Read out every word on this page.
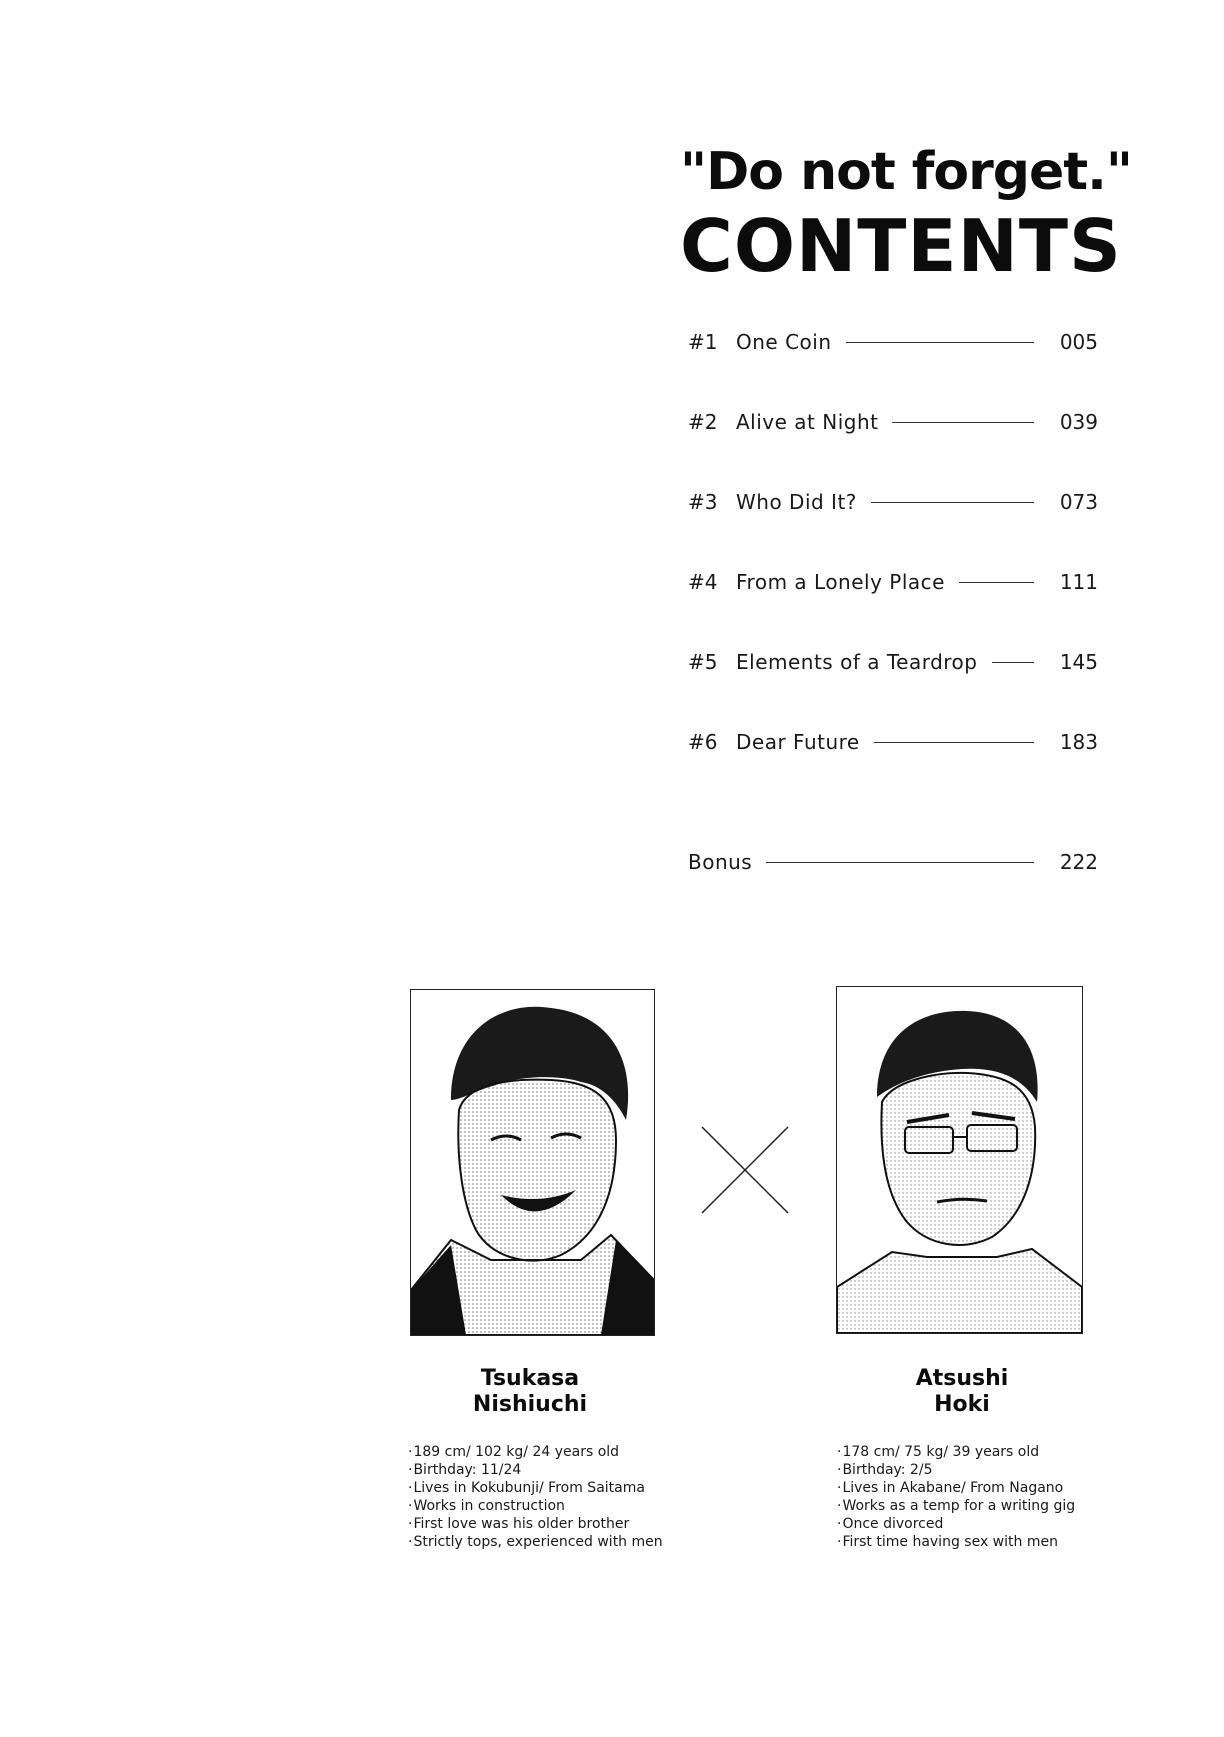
"Do not forget."
CONTENTS
#1 One Coin	005
#2 Alive at Night	039
#3 Who Did It?	073
#4 From a Lonely Place	111
#5 Elements of a Teardrop	145
#6 Dear Future	183
Bonus	222
Tsukasa
Nishiuchi
Atsushi
Hoki
· 189 cm/ 102 kg/ 24 years old
· Birthday: 11/24
· Lives in Kokubunji/ From Saitama
· Works in construction
· First love was his older brother
· Strictly tops, experienced with men
· 178 cm/ 75 kg/ 39 years old
· Birthday: 2/5
· Lives in Akabane/ From Nagano
· Works as a temp for a writing gig
· Once divorced
· First time having sex with men
